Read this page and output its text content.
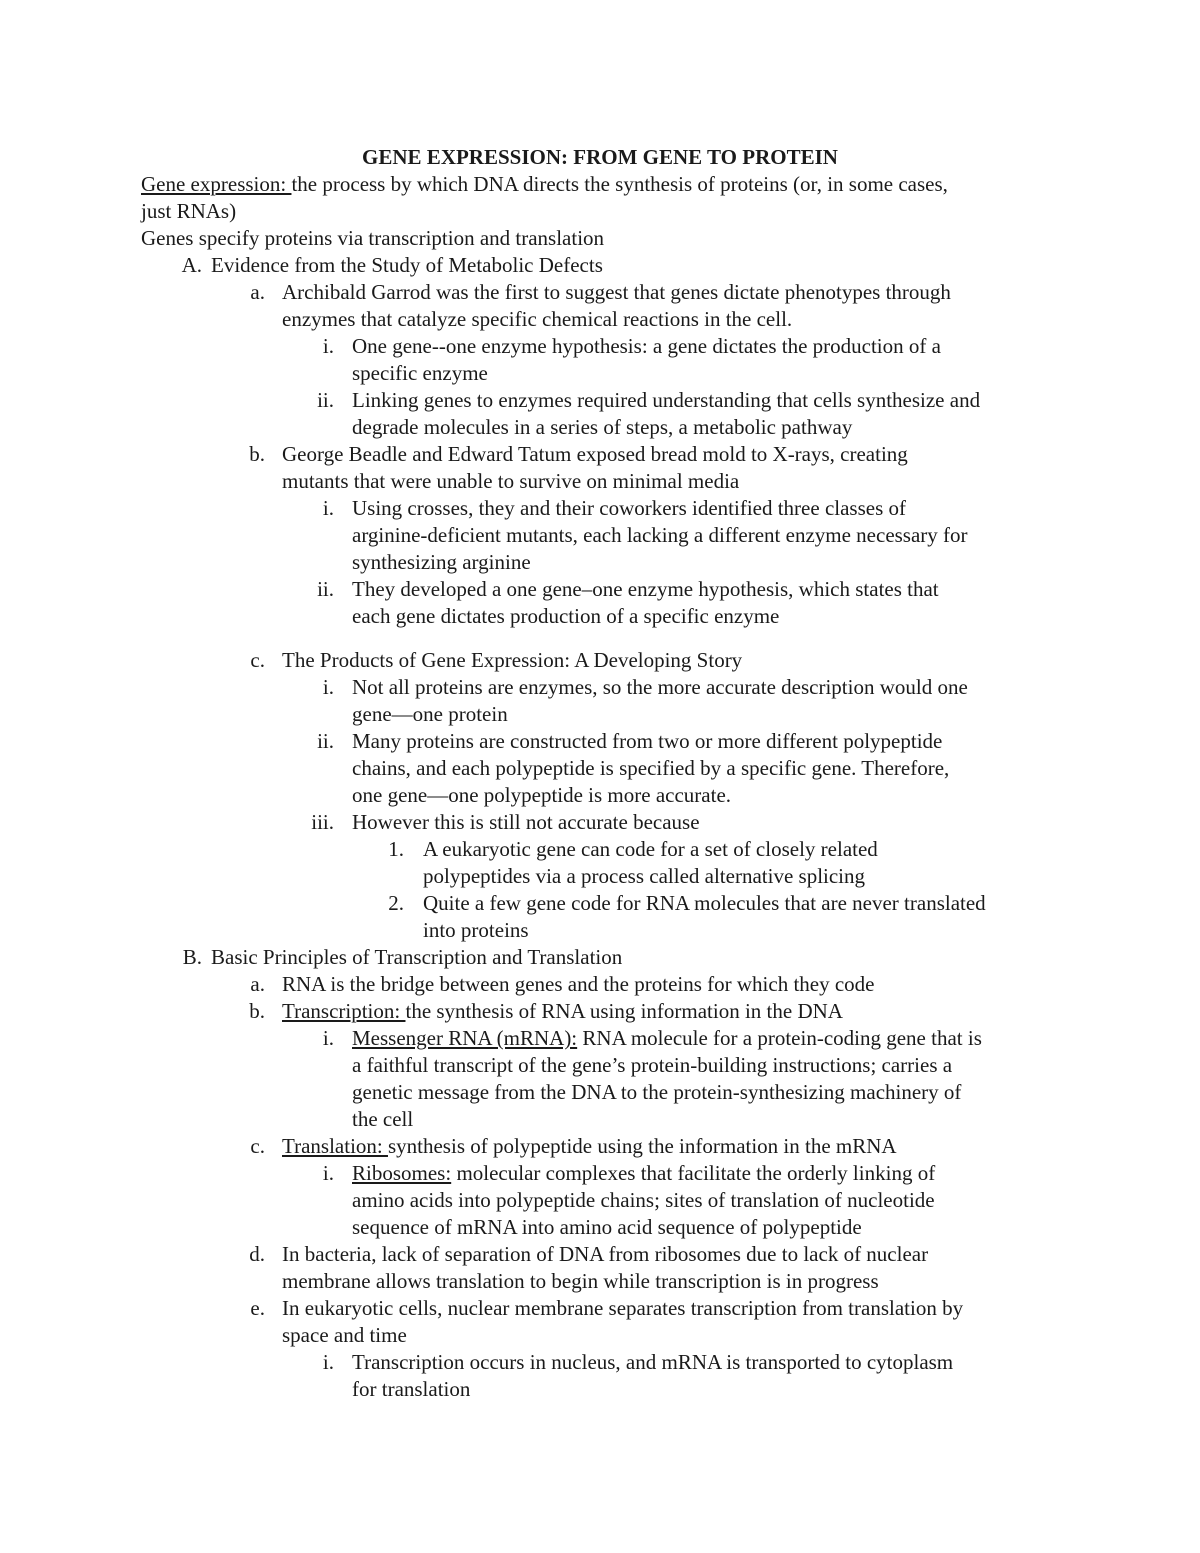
GENE EXPRESSION: FROM GENE TO PROTEIN
Gene expression: the process by which DNA directs the synthesis of proteins (or, in some cases,
just RNAs)
Genes specify proteins via transcription and translation
A. Evidence from the Study of Metabolic Defects
a. Archibald Garrod was the first to suggest that genes dictate phenotypes through
enzymes that catalyze specific chemical reactions in the cell.
i. One gene--one enzyme hypothesis: a gene dictates the production of a
specific enzyme
ii. Linking genes to enzymes required understanding that cells synthesize and
degrade molecules in a series of steps, a metabolic pathway
b. George Beadle and Edward Tatum exposed bread mold to X-rays, creating
mutants that were unable to survive on minimal media
i. Using crosses, they and their coworkers identified three classes of
arginine-deficient mutants, each lacking a different enzyme necessary for
synthesizing arginine
ii. They developed a one gene–one enzyme hypothesis, which states that
each gene dictates production of a specific enzyme
c. The Products of Gene Expression: A Developing Story
i. Not all proteins are enzymes, so the more accurate description would one
gene—one protein
ii. Many proteins are constructed from two or more different polypeptide
chains, and each polypeptide is specified by a specific gene. Therefore,
one gene—one polypeptide is more accurate.
iii. However this is still not accurate because
1. A eukaryotic gene can code for a set of closely related
polypeptides via a process called alternative splicing
2. Quite a few gene code for RNA molecules that are never translated
into proteins
B. Basic Principles of Transcription and Translation
a. RNA is the bridge between genes and the proteins for which they code
b. Transcription: the synthesis of RNA using information in the DNA
i. Messenger RNA (mRNA): RNA molecule for a protein-coding gene that is
a faithful transcript of the gene’s protein-building instructions; carries a
genetic message from the DNA to the protein-synthesizing machinery of
the cell
c. Translation: synthesis of polypeptide using the information in the mRNA
i. Ribosomes: molecular complexes that facilitate the orderly linking of
amino acids into polypeptide chains; sites of translation of nucleotide
sequence of mRNA into amino acid sequence of polypeptide
d. In bacteria, lack of separation of DNA from ribosomes due to lack of nuclear
membrane allows translation to begin while transcription is in progress
e. In eukaryotic cells, nuclear membrane separates transcription from translation by
space and time
i. Transcription occurs in nucleus, and mRNA is transported to cytoplasm
for translation
